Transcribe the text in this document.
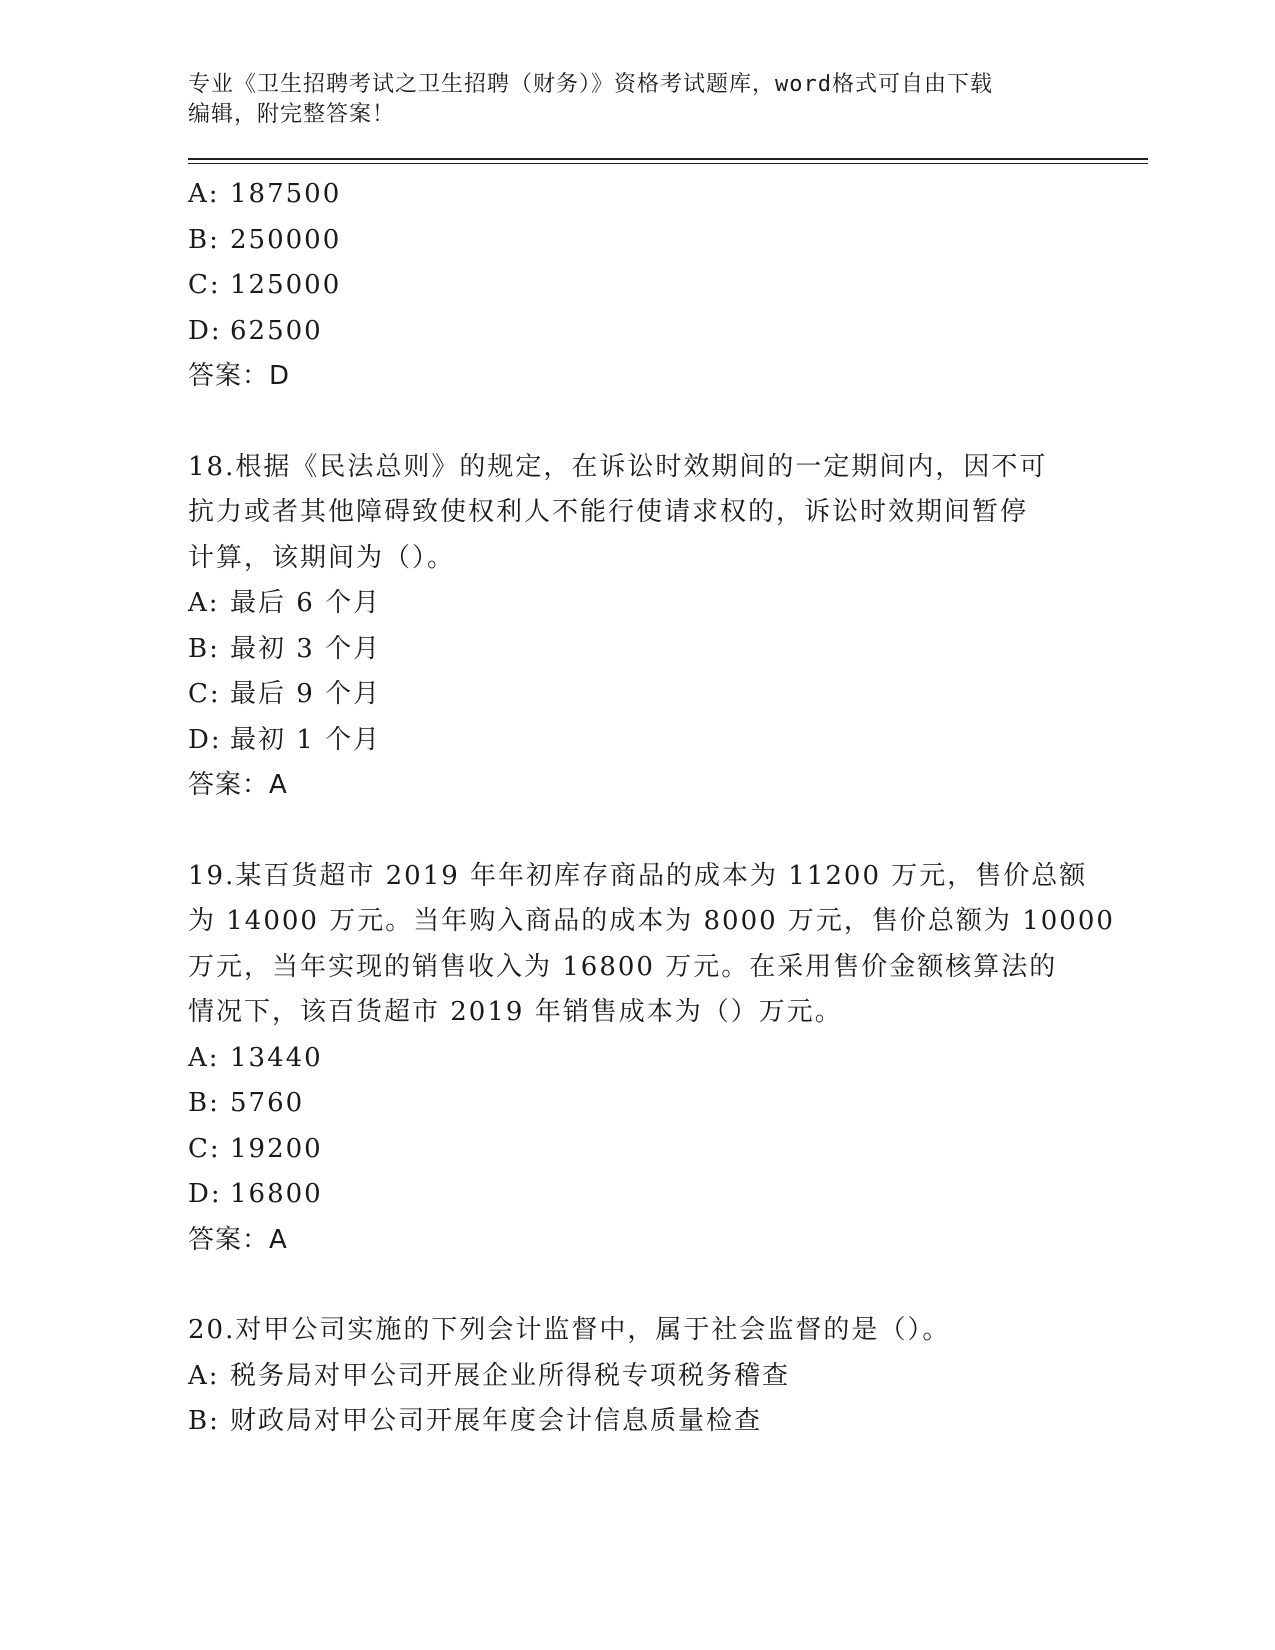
专业《卫生招聘考试之卫生招聘（财务）》资格考试题库，word格式可自由下载

编辑，附完整答案！

A: 187500

B: 250000

C: 125000

D: 62500

答案：D

18.根据《民法总则》的规定，在诉讼时效期间的一定期间内，因不可

抗力或者其他障碍致使权利人不能行使请求权的，诉讼时效期间暂停

计算，该期间为（）。

A: 最后 6 个月

B: 最初 3 个月

C: 最后 9 个月

D: 最初 1 个月

答案：A

19.某百货超市 2019 年年初库存商品的成本为 11200 万元，售价总额

为 14000 万元。当年购入商品的成本为 8000 万元，售价总额为 10000

万元，当年实现的销售收入为 16800 万元。在采用售价金额核算法的

情况下，该百货超市 2019 年销售成本为（）万元。

A: 13440

B: 5760

C: 19200

D: 16800

答案：A

20.对甲公司实施的下列会计监督中，属于社会监督的是（）。

A: 税务局对甲公司开展企业所得税专项税务稽查

B: 财政局对甲公司开展年度会计信息质量检查
